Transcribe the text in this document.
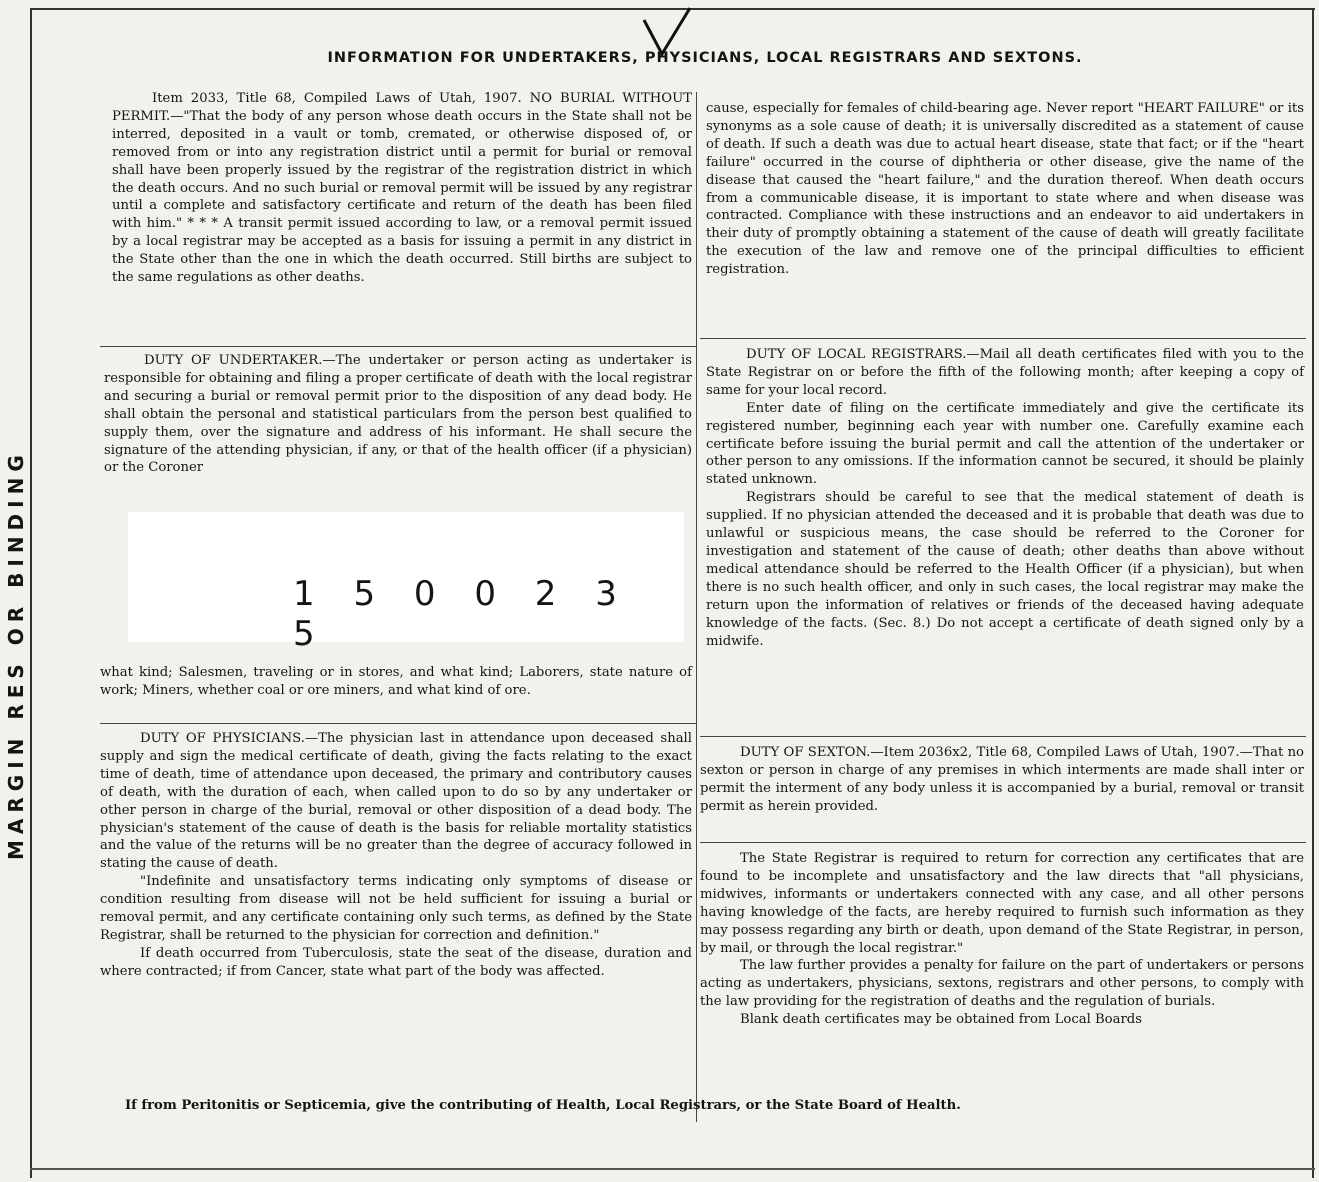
MARGIN RES OR BINDING
INFORMATION FOR UNDERTAKERS, PHYSICIANS, LOCAL REGISTRARS AND SEXTONS.

Item 2033, Title 68, Compiled Laws of Utah, 1907. NO BURIAL WITHOUT PERMIT.—"That the body of any person whose death occurs in the State shall not be interred, deposited in a vault or tomb, cremated, or otherwise disposed of, or removed from or into any registration district until a permit for burial or removal shall have been properly issued by the registrar of the registration district in which the death occurs. And no such burial or removal permit will be issued by any registrar until a complete and satisfactory certificate and return of the death has been filed with him." * * * A transit permit issued according to law, or a removal permit issued by a local registrar may be accepted as a basis for issuing a permit in any district in the State other than the one in which the death occurred. Still births are subject to the same regulations as other deaths.

DUTY OF UNDERTAKER.—The undertaker or person acting as undertaker is responsible for obtaining and filing a proper certificate of death with the local registrar and securing a burial or removal permit prior to the disposition of any dead body. He shall obtain the personal and statistical particulars from the person best qualified to supply them, over the signature and address of his informant. He shall secure the signature of the attending physician, if any, or that of the health officer (if a physician) or the Coroner

1 5 0 0 2 3 5

what kind; Salesmen, traveling or in stores, and what kind; Laborers, state nature of work; Miners, whether coal or ore miners, and what kind of ore.

DUTY OF PHYSICIANS.—The physician last in attendance upon deceased shall supply and sign the medical certificate of death, giving the facts relating to the exact time of death, time of attendance upon deceased, the primary and contributory causes of death, with the duration of each, when called upon to do so by any undertaker or other person in charge of the burial, removal or other disposition of a dead body. The physician's statement of the cause of death is the basis for reliable mortality statistics and the value of the returns will be no greater than the degree of accuracy followed in stating the cause of death.

"Indefinite and unsatisfactory terms indicating only symptoms of disease or condition resulting from disease will not be held sufficient for issuing a burial or removal permit, and any certificate containing only such terms, as defined by the State Registrar, shall be returned to the physician for correction and definition."

If death occurred from Tuberculosis, state the seat of the disease, duration and where contracted; if from Cancer, state what part of the body was affected.

cause, especially for females of child-bearing age. Never report "HEART FAILURE" or its synonyms as a sole cause of death; it is universally discredited as a statement of cause of death. If such a death was due to actual heart disease, state that fact; or if the "heart failure" occurred in the course of diphtheria or other disease, give the name of the disease that caused the "heart failure," and the duration thereof. When death occurs from a communicable disease, it is important to state where and when disease was contracted. Compliance with these instructions and an endeavor to aid undertakers in their duty of promptly obtaining a statement of the cause of death will greatly facilitate the execution of the law and remove one of the principal difficulties to efficient registration.

DUTY OF LOCAL REGISTRARS.—Mail all death certificates filed with you to the State Registrar on or before the fifth of the following month; after keeping a copy of same for your local record.

Enter date of filing on the certificate immediately and give the certificate its registered number, beginning each year with number one. Carefully examine each certificate before issuing the burial permit and call the attention of the undertaker or other person to any omissions. If the information cannot be secured, it should be plainly stated unknown.

Registrars should be careful to see that the medical statement of death is supplied. If no physician attended the deceased and it is probable that death was due to unlawful or suspicious means, the case should be referred to the Coroner for investigation and statement of the cause of death; other deaths than above without medical attendance should be referred to the Health Officer (if a physician), but when there is no such health officer, and only in such cases, the local registrar may make the return upon the information of relatives or friends of the deceased having adequate knowledge of the facts. (Sec. 8.) Do not accept a certificate of death signed only by a midwife.

DUTY OF SEXTON.—Item 2036x2, Title 68, Compiled Laws of Utah, 1907.—That no sexton or person in charge of any premises in which interments are made shall inter or permit the interment of any body unless it is accompanied by a burial, removal or transit permit as herein provided.

The State Registrar is required to return for correction any certificates that are found to be incomplete and unsatisfactory and the law directs that "all physicians, midwives, informants or undertakers connected with any case, and all other persons having knowledge of the facts, are hereby required to furnish such information as they may possess regarding any birth or death, upon demand of the State Registrar, in person, by mail, or through the local registrar."

The law further provides a penalty for failure on the part of undertakers or persons acting as undertakers, physicians, sextons, registrars and other persons, to comply with the law providing for the registration of deaths and the regulation of burials.

Blank death certificates may be obtained from Local Boards

If from Peritonitis or Septicemia, give the contributing of Health, Local Registrars, or the State Board of Health.
